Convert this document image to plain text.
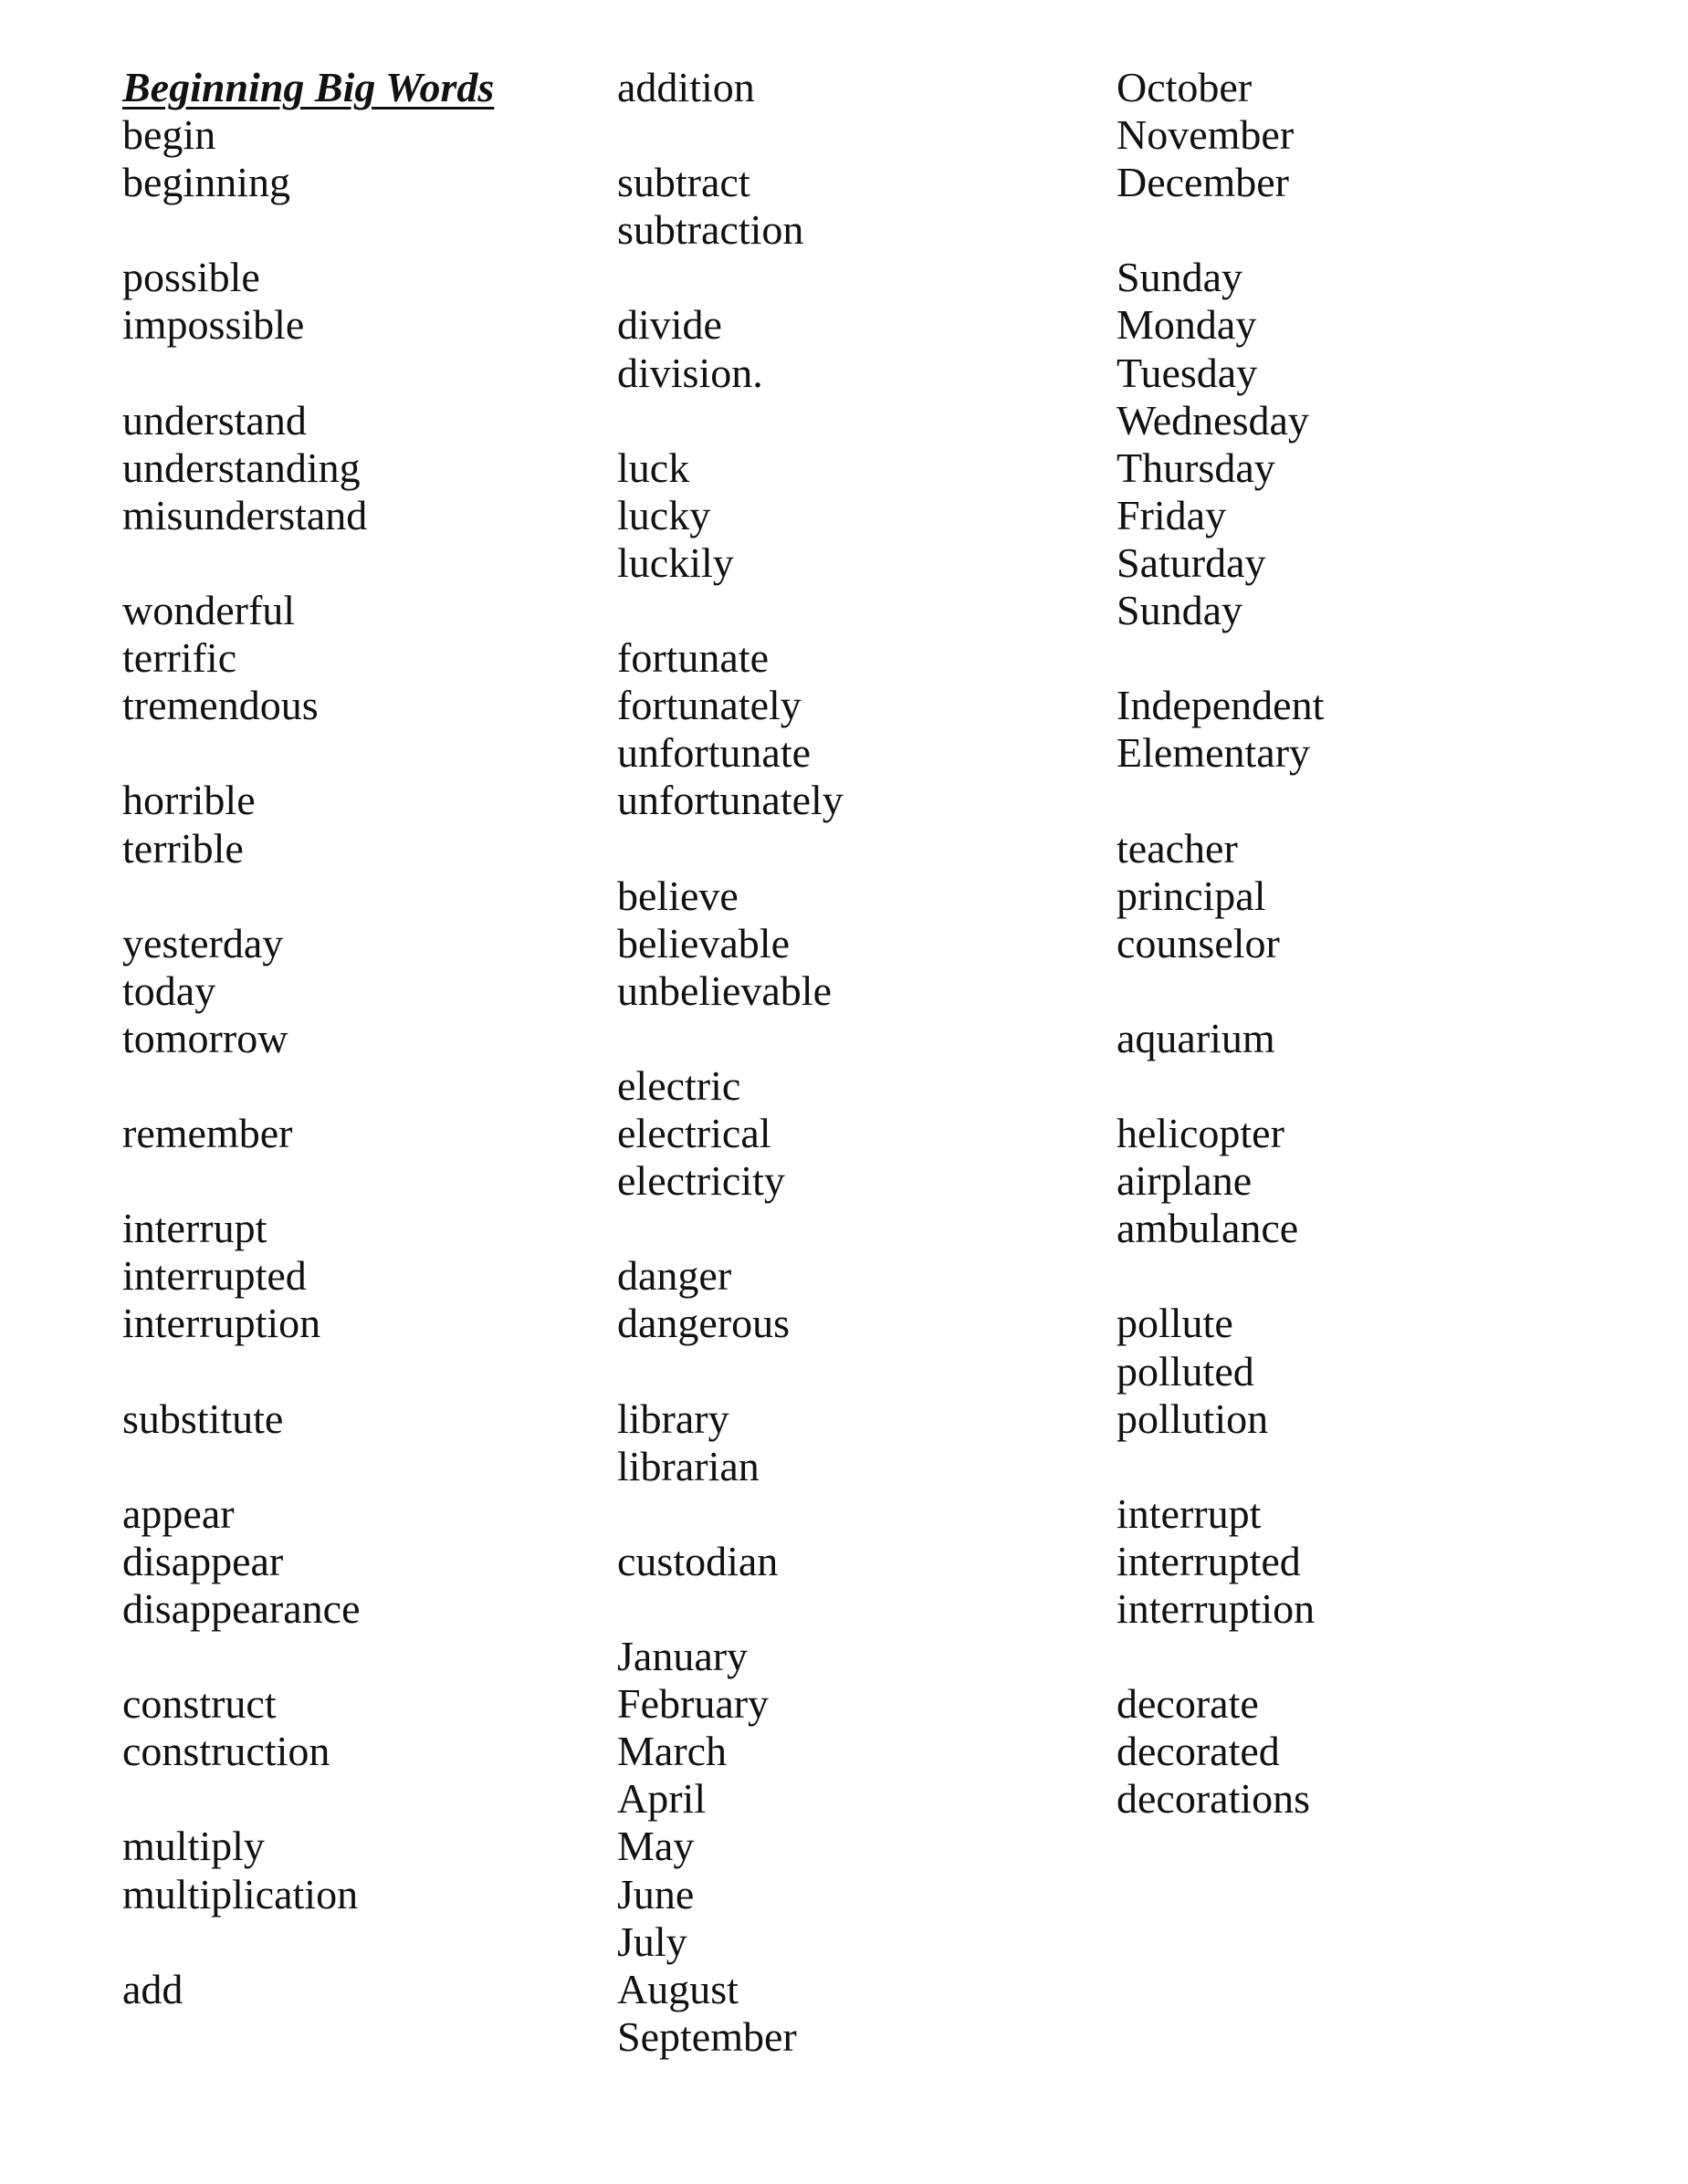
Beginning Big Words
begin
beginning
possible
impossible
understand
understanding
misunderstand
wonderful
terrific
tremendous
horrible
terrible
yesterday
today
tomorrow
remember
interrupt
interrupted
interruption
substitute
appear
disappear
disappearance
construct
construction
multiply
multiplication
add
addition
subtract
subtraction
divide
division.
luck
lucky
luckily
fortunate
fortunately
unfortunate
unfortunately
believe
believable
unbelievable
electric
electrical
electricity
danger
dangerous
library
librarian
custodian
January
February
March
April
May
June
July
August
September
October
November
December
Sunday
Monday
Tuesday
Wednesday
Thursday
Friday
Saturday
Sunday
Independent
Elementary
teacher
principal
counselor
aquarium
helicopter
airplane
ambulance
pollute
polluted
pollution
interrupt
interrupted
interruption
decorate
decorated
decorations
